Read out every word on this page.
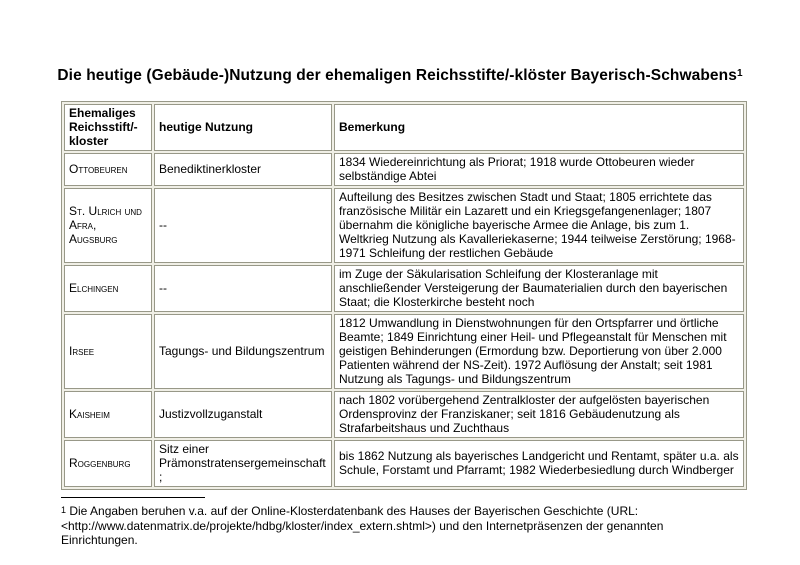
Die heutige (Gebäude-)Nutzung der ehemaligen Reichsstifte/-klöster Bayerisch-Schwabens$^1$
Ehemaliges Reichsstift/-kloster	heutige Nutzung	Bemerkung
Ottobeuren	Benediktinerkloster	1834 Wiedereinrichtung als Priorat; 1918 wurde Ottobeuren wieder selbständige Abtei
St. Ulrich und Afra, Augsburg	--	Aufteilung des Besitzes zwischen Stadt und Staat; 1805 errichtete das französische Militär ein Lazarett und ein Kriegsgefangenenlager; 1807 übernahm die königliche bayerische Armee die Anlage, bis zum 1. Weltkrieg Nutzung als Kavalleriekaserne; 1944 teilweise Zerstörung; 1968-1971 Schleifung der restlichen Gebäude
Elchingen	--	im Zuge der Säkularisation Schleifung der Klosteranlage mit anschließender Versteigerung der Baumaterialien durch den bayerischen Staat; die Klosterkirche besteht noch
Irsee	Tagungs- und Bildungszentrum	1812 Umwandlung in Dienstwohnungen für den Ortspfarrer und örtliche Beamte; 1849 Einrichtung einer Heil- und Pflegeanstalt für Menschen mit geistigen Behinderungen (Ermordung bzw. Deportierung von über 2.000 Patienten während der NS-Zeit). 1972 Auflösung der Anstalt; seit 1981 Nutzung als Tagungs- und Bildungszentrum
Kaisheim	Justizvollzuganstalt	nach 1802 vorübergehend Zentralkloster der aufgelösten bayerischen Ordensprovinz der Franziskaner; seit 1816 Gebäudenutzung als Strafarbeitshaus und Zuchthaus
Roggenburg	Sitz einer Prämonstratensergemeinschaft;	bis 1862 Nutzung als bayerisches Landgericht und Rentamt, später u.a. als Schule, Forstamt und Pfarramt; 1982 Wiederbesiedlung durch Windberger
$^1$ Die Angaben beruhen v.a. auf der Online-Klosterdatenbank des Hauses der Bayerischen Geschichte (URL: <http://www.datenmatrix.de/projekte/hdbg/kloster/index_extern.shtml>) und den Internetpräsenzen der genannten Einrichtungen.
